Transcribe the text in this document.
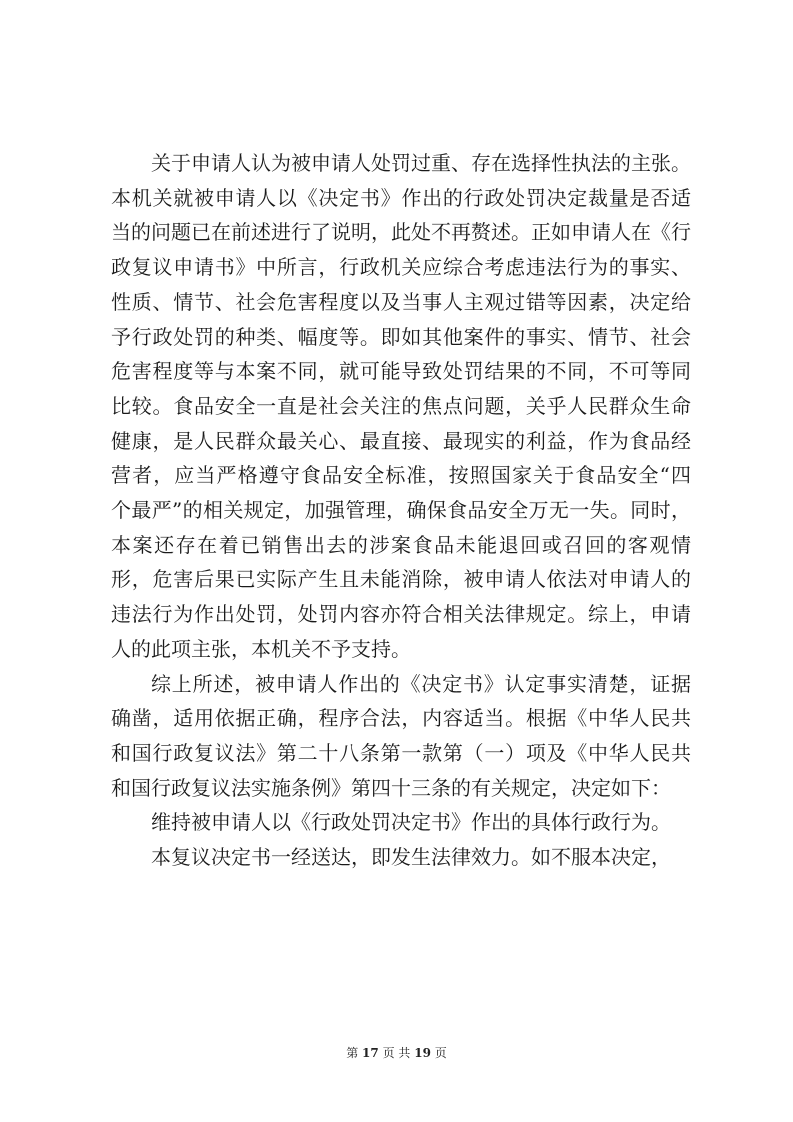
关于申请人认为被申请人处罚过重、存在选择性执法的主张。
本机关就被申请人以《决定书》作出的行政处罚决定裁量是否适
当的问题已在前述进行了说明，此处不再赘述。正如申请人在《行
政复议申请书》中所言，行政机关应综合考虑违法行为的事实、
性质、情节、社会危害程度以及当事人主观过错等因素，决定给
予行政处罚的种类、幅度等。即如其他案件的事实、情节、社会
危害程度等与本案不同，就可能导致处罚结果的不同，不可等同
比较。食品安全一直是社会关注的焦点问题，关乎人民群众生命
健康，是人民群众最关心、最直接、最现实的利益，作为食品经
营者，应当严格遵守食品安全标准，按照国家关于食品安全“四
个最严”的相关规定，加强管理，确保食品安全万无一失。同时，
本案还存在着已销售出去的涉案食品未能退回或召回的客观情
形，危害后果已实际产生且未能消除，被申请人依法对申请人的
违法行为作出处罚，处罚内容亦符合相关法律规定。综上，申请
人的此项主张，本机关不予支持。
综上所述，被申请人作出的《决定书》认定事实清楚，证据
确凿，适用依据正确，程序合法，内容适当。根据《中华人民共
和国行政复议法》第二十八条第一款第（一）项及《中华人民共
和国行政复议法实施条例》第四十三条的有关规定，决定如下：
维持被申请人以《行政处罚决定书》作出的具体行政行为。
本复议决定书一经送达，即发生法律效力。如不服本决定，
第 17 页 共 19 页
